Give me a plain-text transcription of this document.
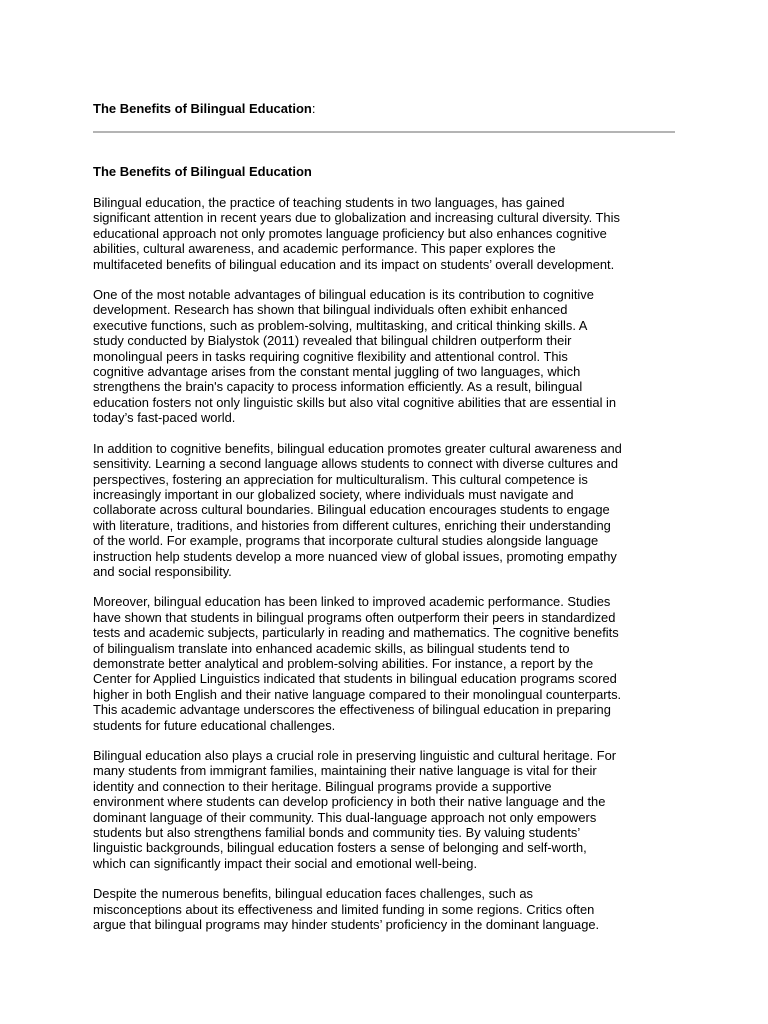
The Benefits of Bilingual Education:
The Benefits of Bilingual Education

Bilingual education, the practice of teaching students in two languages, has gained
significant attention in recent years due to globalization and increasing cultural diversity. This
educational approach not only promotes language proficiency but also enhances cognitive
abilities, cultural awareness, and academic performance. This paper explores the
multifaceted benefits of bilingual education and its impact on students’ overall development.

One of the most notable advantages of bilingual education is its contribution to cognitive
development. Research has shown that bilingual individuals often exhibit enhanced
executive functions, such as problem-solving, multitasking, and critical thinking skills. A
study conducted by Bialystok (2011) revealed that bilingual children outperform their
monolingual peers in tasks requiring cognitive flexibility and attentional control. This
cognitive advantage arises from the constant mental juggling of two languages, which
strengthens the brain's capacity to process information efficiently. As a result, bilingual
education fosters not only linguistic skills but also vital cognitive abilities that are essential in
today’s fast-paced world.

In addition to cognitive benefits, bilingual education promotes greater cultural awareness and
sensitivity. Learning a second language allows students to connect with diverse cultures and
perspectives, fostering an appreciation for multiculturalism. This cultural competence is
increasingly important in our globalized society, where individuals must navigate and
collaborate across cultural boundaries. Bilingual education encourages students to engage
with literature, traditions, and histories from different cultures, enriching their understanding
of the world. For example, programs that incorporate cultural studies alongside language
instruction help students develop a more nuanced view of global issues, promoting empathy
and social responsibility.

Moreover, bilingual education has been linked to improved academic performance. Studies
have shown that students in bilingual programs often outperform their peers in standardized
tests and academic subjects, particularly in reading and mathematics. The cognitive benefits
of bilingualism translate into enhanced academic skills, as bilingual students tend to
demonstrate better analytical and problem-solving abilities. For instance, a report by the
Center for Applied Linguistics indicated that students in bilingual education programs scored
higher in both English and their native language compared to their monolingual counterparts.
This academic advantage underscores the effectiveness of bilingual education in preparing
students for future educational challenges.

Bilingual education also plays a crucial role in preserving linguistic and cultural heritage. For
many students from immigrant families, maintaining their native language is vital for their
identity and connection to their heritage. Bilingual programs provide a supportive
environment where students can develop proficiency in both their native language and the
dominant language of their community. This dual-language approach not only empowers
students but also strengthens familial bonds and community ties. By valuing students’
linguistic backgrounds, bilingual education fosters a sense of belonging and self-worth,
which can significantly impact their social and emotional well-being.

Despite the numerous benefits, bilingual education faces challenges, such as
misconceptions about its effectiveness and limited funding in some regions. Critics often
argue that bilingual programs may hinder students’ proficiency in the dominant language.
